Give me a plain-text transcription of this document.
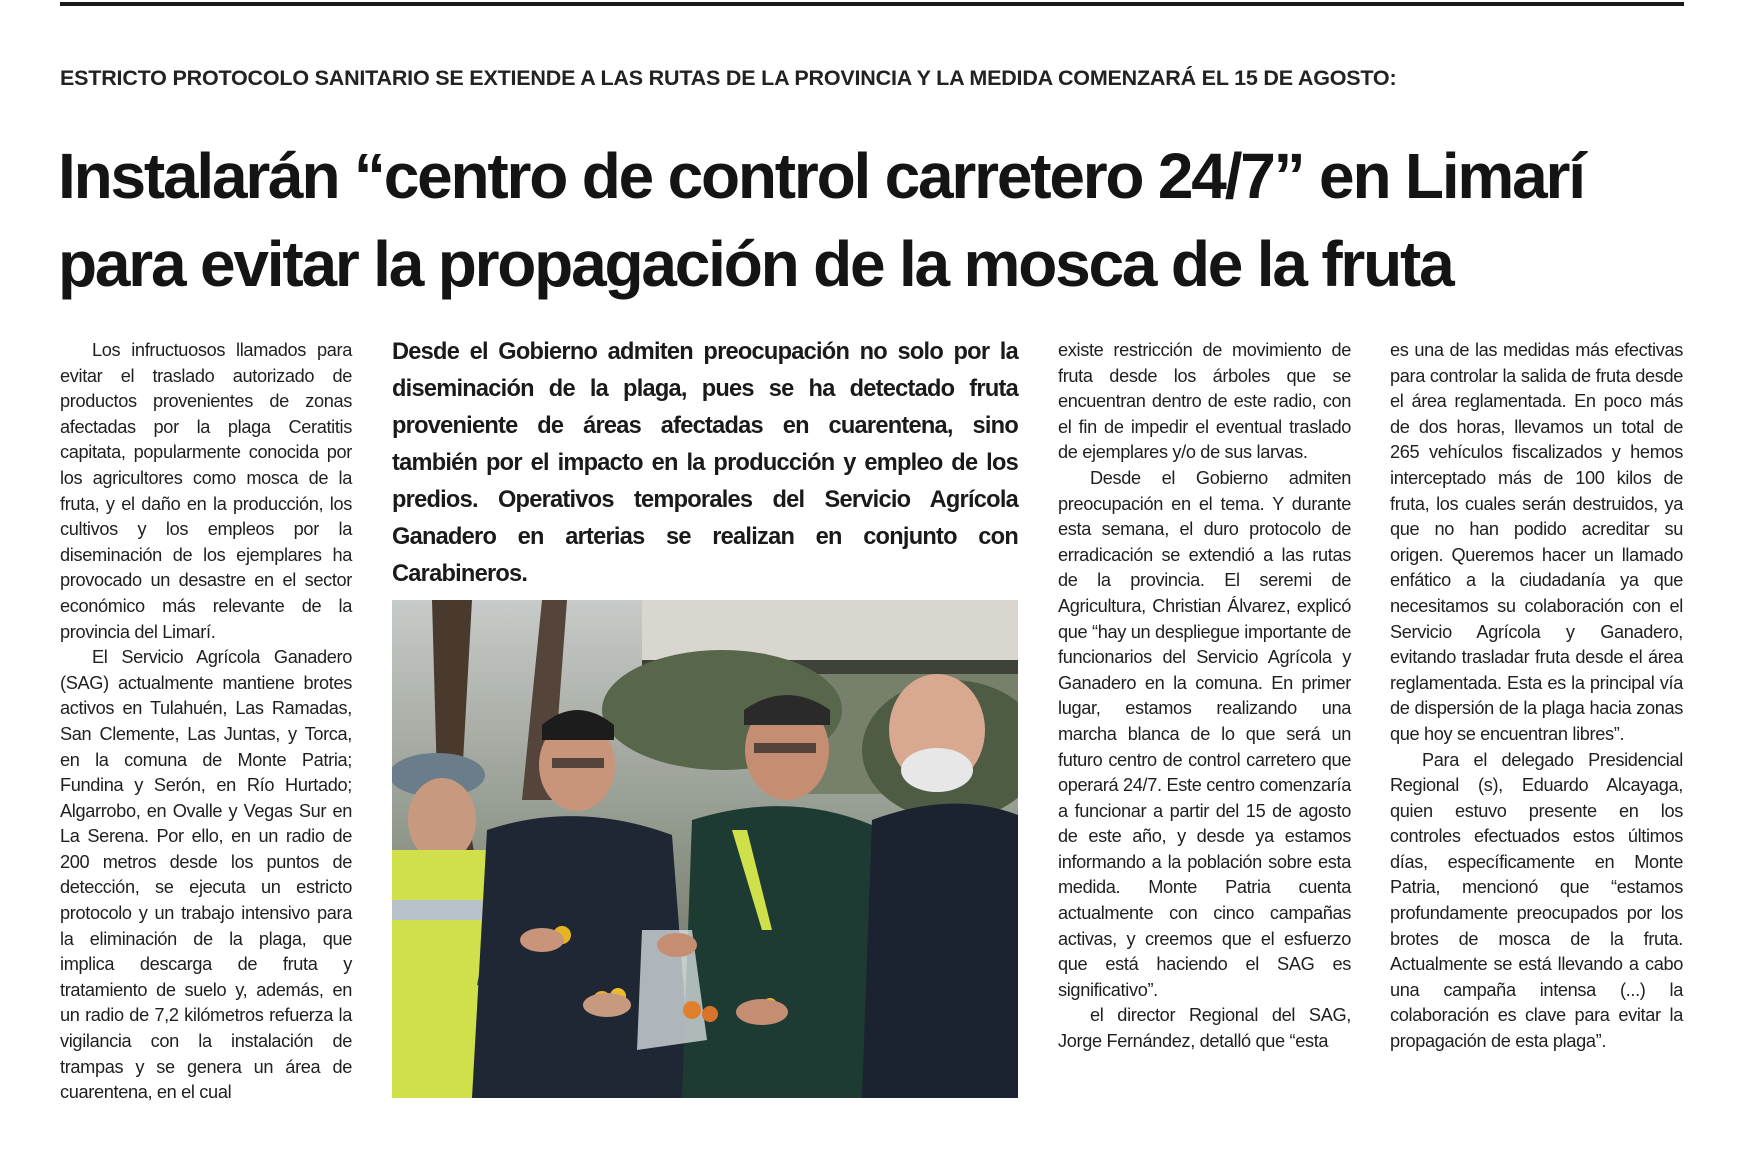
ESTRICTO PROTOCOLO SANITARIO SE EXTIENDE A LAS RUTAS DE LA PROVINCIA Y LA MEDIDA COMENZARÁ EL 15 DE AGOSTO:
Instalarán “centro de control carretero 24/7” en Limarí
para evitar la propagación de la mosca de la fruta

Los infructuosos llamados para evitar el traslado autorizado de productos provenientes de zonas afectadas por la plaga Ceratitis capitata, popularmente conocida por los agricultores como mosca de la fruta, y el daño en la producción, los cultivos y los empleos por la diseminación de los ejemplares ha provocado un desastre en el sector económico más relevante de la provincia del Limarí.

El Servicio Agrícola Ganadero (SAG) actualmente mantiene brotes activos en Tulahuén, Las Ramadas, San Clemente, Las Juntas, y Torca, en la comuna de Monte Patria; Fundina y Serón, en Río Hurtado; Algarrobo, en Ovalle y Vegas Sur en La Serena. Por ello, en un radio de 200 metros desde los puntos de detección, se ejecuta un estricto protocolo y un trabajo intensivo para la eliminación de la plaga, que implica descarga de fruta y tratamiento de suelo y, además, en un radio de 7,2 kilómetros refuerza la vigilancia con la instalación de trampas y se genera un área de cuarentena, en el cual

Desde el Gobierno admiten preocupación no solo por la diseminación de la plaga, pues se ha detectado fruta proveniente de áreas afectadas en cuarentena, sino también por el impacto en la producción y empleo de los predios. Operativos temporales del Servicio Agrícola Ganadero en arterias se realizan en conjunto con Carabineros.

existe restricción de movimiento de fruta desde los árboles que se encuentran dentro de este radio, con el fin de impedir el eventual traslado de ejemplares y/o de sus larvas.

Desde el Gobierno admiten preocupación en el tema. Y durante esta semana, el duro protocolo de erradicación se extendió a las rutas de la provincia. El seremi de Agricultura, Christian Álvarez, explicó que “hay un despliegue importante de funcionarios del Servicio Agrícola y Ganadero en la comuna. En primer lugar, estamos realizando una marcha blanca de lo que será un futuro centro de control carretero que operará 24/7. Este centro comenzaría a funcionar a partir del 15 de agosto de este año, y desde ya estamos informando a la población sobre esta medida. Monte Patria cuenta actualmente con cinco campañas activas, y creemos que el esfuerzo que está haciendo el SAG es significativo”.

el director Regional del SAG, Jorge Fernández, detalló que “esta

es una de las medidas más efectivas para controlar la salida de fruta desde el área reglamentada. En poco más de dos horas, llevamos un total de 265 vehículos fiscalizados y hemos interceptado más de 100 kilos de fruta, los cuales serán destruidos, ya que no han podido acreditar su origen. Queremos hacer un llamado enfático a la ciudadanía ya que necesitamos su colaboración con el Servicio Agrícola y Ganadero, evitando trasladar fruta desde el área reglamentada. Esta es la principal vía de dispersión de la plaga hacia zonas que hoy se encuentran libres”.

Para el delegado Presidencial Regional (s), Eduardo Alcayaga, quien estuvo presente en los controles efectuados estos últimos días, específicamente en Monte Patria, mencionó que “estamos profundamente preocupados por los brotes de mosca de la fruta. Actualmente se está llevando a cabo una campaña intensa (...) la colaboración es clave para evitar la propagación de esta plaga”.
